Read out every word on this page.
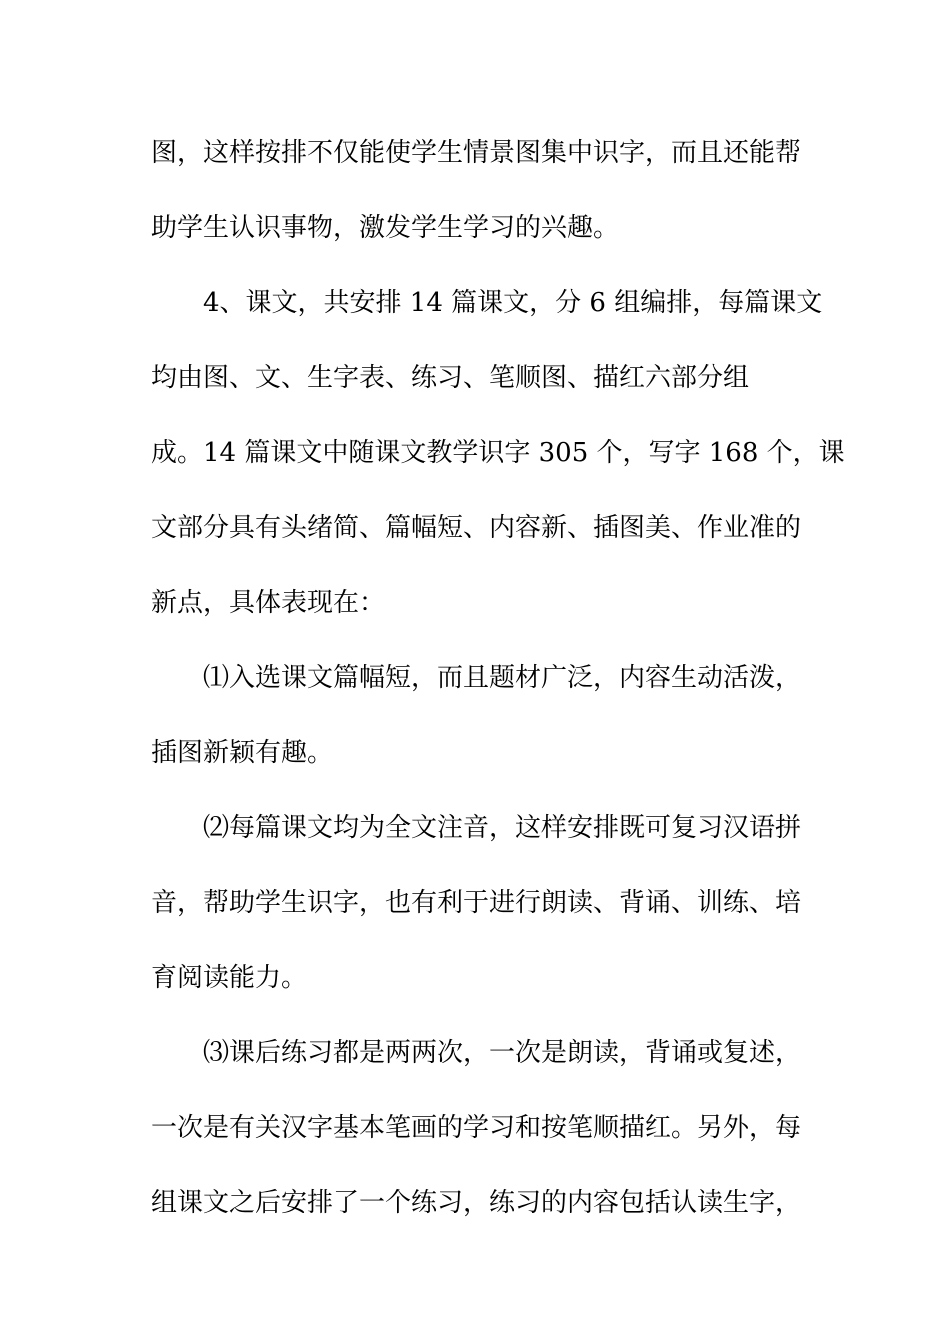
图，这样按排不仅能使学生情景图集中识字，而且还能帮
助学生认识事物，激发学生学习的兴趣。
　　4、课文，共安排 14 篇课文，分 6 组编排，每篇课文
均由图、文、生字表、练习、笔顺图、描红六部分组
成。14 篇课文中随课文教学识字 305 个，写字 168 个，课
文部分具有头绪简、篇幅短、内容新、插图美、作业准的
新点，具体表现在：
　　⑴入选课文篇幅短，而且题材广泛，内容生动活泼，
插图新颖有趣。
　　⑵每篇课文均为全文注音，这样安排既可复习汉语拼
音，帮助学生识字，也有利于进行朗读、背诵、训练、培
育阅读能力。
　　⑶课后练习都是两两次，一次是朗读，背诵或复述，
一次是有关汉字基本笔画的学习和按笔顺描红。另外，每
组课文之后安排了一个练习，练习的内容包括认读生字，
